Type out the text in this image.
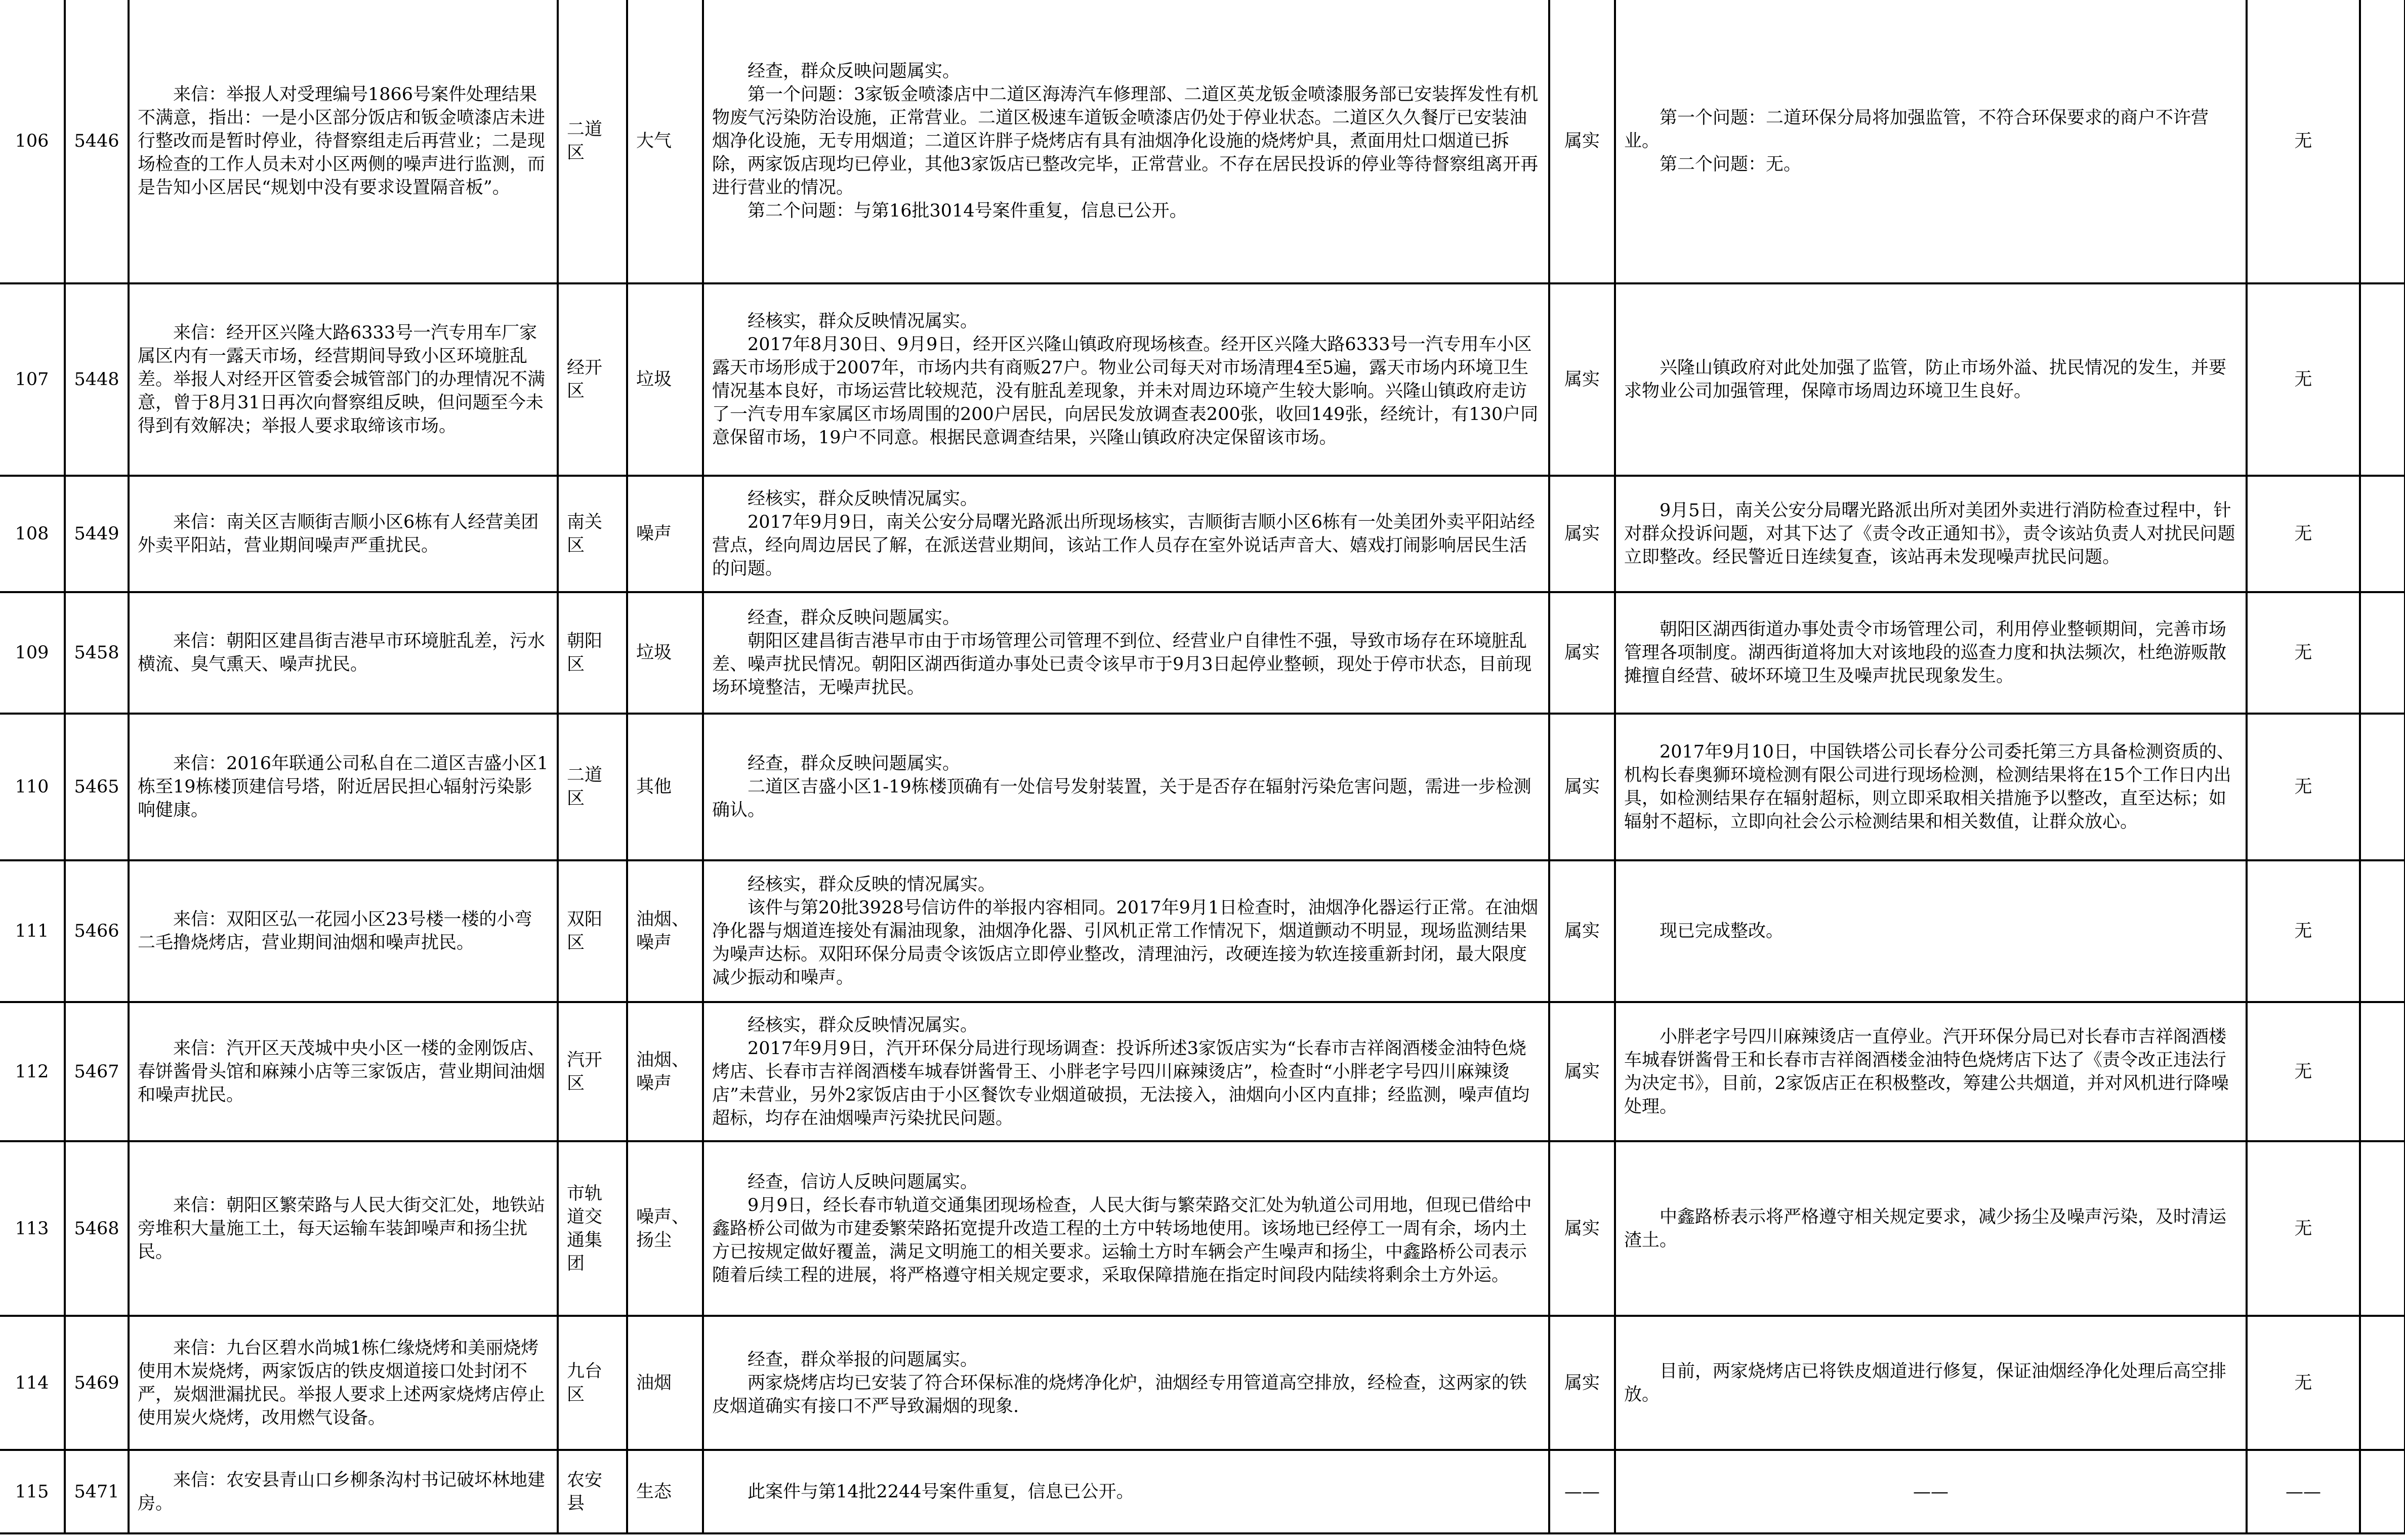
106	5446	来信：举报人对受理编号1866号案件处理结果不满意，指出：一是小区部分饭店和钣金喷漆店未进行整改而是暂时停业，待督察组走后再营业；二是现场检查的工作人员未对小区两侧的噪声进行监测，而是告知小区居民“规划中没有要求设置隔音板”。	二道区	大气	经查，群众反映问题属实。
第一个问题：3家钣金喷漆店中二道区海涛汽车修理部、二道区英龙钣金喷漆服务部已安装挥发性有机物废气污染防治设施，正常营业。二道区极速车道钣金喷漆店仍处于停业状态。二道区久久餐厅已安装油烟净化设施，无专用烟道；二道区许胖子烧烤店有具有油烟净化设施的烧烤炉具，煮面用灶口烟道已拆除，两家饭店现均已停业，其他3家饭店已整改完毕，正常营业。不存在居民投诉的停业等待督察组离开再进行营业的情况。
第二个问题：与第16批3014号案件重复，信息已公开。	属实	第一个问题：二道环保分局将加强监管，不符合环保要求的商户不许营业。
第二个问题：无。	无	
107	5448	来信：经开区兴隆大路6333号一汽专用车厂家属区内有一露天市场，经营期间导致小区环境脏乱差。举报人对经开区管委会城管部门的办理情况不满意，曾于8月31日再次向督察组反映，但问题至今未得到有效解决；举报人要求取缔该市场。	经开区	垃圾	经核实，群众反映情况属实。
2017年8月30日、9月9日，经开区兴隆山镇政府现场核查。经开区兴隆大路6333号一汽专用车小区露天市场形成于2007年，市场内共有商贩27户。物业公司每天对市场清理4至5遍，露天市场内环境卫生情况基本良好，市场运营比较规范，没有脏乱差现象，并未对周边环境产生较大影响。兴隆山镇政府走访了一汽专用车家属区市场周围的200户居民，向居民发放调查表200张，收回149张，经统计，有130户同意保留市场，19户不同意。根据民意调查结果，兴隆山镇政府决定保留该市场。	属实	兴隆山镇政府对此处加强了监管，防止市场外溢、扰民情况的发生，并要求物业公司加强管理，保障市场周边环境卫生良好。	无	
108	5449	来信：南关区吉顺街吉顺小区6栋有人经营美团外卖平阳站，营业期间噪声严重扰民。	南关区	噪声	经核实，群众反映情况属实。
2017年9月9日，南关公安分局曙光路派出所现场核实，吉顺街吉顺小区6栋有一处美团外卖平阳站经营点，经向周边居民了解，在派送营业期间，该站工作人员存在室外说话声音大、嬉戏打闹影响居民生活的问题。	属实	9月5日，南关公安分局曙光路派出所对美团外卖进行消防检查过程中，针对群众投诉问题，对其下达了《责令改正通知书》，责令该站负责人对扰民问题立即整改。经民警近日连续复查，该站再未发现噪声扰民问题。	无	
109	5458	来信：朝阳区建昌街吉港早市环境脏乱差，污水横流、臭气熏天、噪声扰民。	朝阳区	垃圾	经查，群众反映问题属实。
朝阳区建昌街吉港早市由于市场管理公司管理不到位、经营业户自律性不强，导致市场存在环境脏乱差、噪声扰民情况。朝阳区湖西街道办事处已责令该早市于9月3日起停业整顿，现处于停市状态，目前现场环境整洁，无噪声扰民。	属实	朝阳区湖西街道办事处责令市场管理公司，利用停业整顿期间，完善市场管理各项制度。湖西街道将加大对该地段的巡查力度和执法频次，杜绝游贩散摊擅自经营、破坏环境卫生及噪声扰民现象发生。	无	
110	5465	来信：2016年联通公司私自在二道区吉盛小区1栋至19栋楼顶建信号塔，附近居民担心辐射污染影响健康。	二道区	其他	经查，群众反映问题属实。
二道区吉盛小区1-19栋楼顶确有一处信号发射装置，关于是否存在辐射污染危害问题，需进一步检测确认。	属实	2017年9月10日，中国铁塔公司长春分公司委托第三方具备检测资质的、机构长春奥狮环境检测有限公司进行现场检测，检测结果将在15个工作日内出具，如检测结果存在辐射超标，则立即采取相关措施予以整改，直至达标；如辐射不超标，立即向社会公示检测结果和相关数值，让群众放心。	无	
111	5466	来信：双阳区弘一花园小区23号楼一楼的小弯二毛撸烧烤店，营业期间油烟和噪声扰民。	双阳区	油烟、噪声	经核实，群众反映的情况属实。
该件与第20批3928号信访件的举报内容相同。2017年9月1日检查时，油烟净化器运行正常。在油烟净化器与烟道连接处有漏油现象，油烟净化器、引风机正常工作情况下，烟道颤动不明显，现场监测结果为噪声达标。双阳环保分局责令该饭店立即停业整改，清理油污，改硬连接为软连接重新封闭，最大限度减少振动和噪声。	属实	现已完成整改。	无	
112	5467	来信：汽开区天茂城中央小区一楼的金刚饭店、春饼酱骨头馆和麻辣小店等三家饭店，营业期间油烟和噪声扰民。	汽开区	油烟、噪声	经核实，群众反映情况属实。
2017年9月9日，汽开环保分局进行现场调查：投诉所述3家饭店实为“长春市吉祥阁酒楼金油特色烧烤店、长春市吉祥阁酒楼车城春饼酱骨王、小胖老字号四川麻辣烫店”，检查时“小胖老字号四川麻辣烫店”未营业，另外2家饭店由于小区餐饮专业烟道破损，无法接入，油烟向小区内直排；经监测，噪声值均超标，均存在油烟噪声污染扰民问题。	属实	小胖老字号四川麻辣烫店一直停业。汽开环保分局已对长春市吉祥阁酒楼车城春饼酱骨王和长春市吉祥阁酒楼金油特色烧烤店下达了《责令改正违法行为决定书》，目前，2家饭店正在积极整改，筹建公共烟道，并对风机进行降噪处理。	无	
113	5468	来信：朝阳区繁荣路与人民大街交汇处，地铁站旁堆积大量施工土，每天运输车装卸噪声和扬尘扰民。	市轨道交通集团	噪声、扬尘	经查，信访人反映问题属实。
9月9日，经长春市轨道交通集团现场检查，人民大街与繁荣路交汇处为轨道公司用地，但现已借给中鑫路桥公司做为市建委繁荣路拓宽提升改造工程的土方中转场地使用。该场地已经停工一周有余，场内土方已按规定做好覆盖，满足文明施工的相关要求。运输土方时车辆会产生噪声和扬尘，中鑫路桥公司表示随着后续工程的进展，将严格遵守相关规定要求，采取保障措施在指定时间段内陆续将剩余土方外运。	属实	中鑫路桥表示将严格遵守相关规定要求，减少扬尘及噪声污染，及时清运渣土。	无	
114	5469	来信：九台区碧水尚城1栋仁缘烧烤和美丽烧烤使用木炭烧烤，两家饭店的铁皮烟道接口处封闭不严，炭烟泄漏扰民。举报人要求上述两家烧烤店停止使用炭火烧烤，改用燃气设备。	九台区	油烟	经查，群众举报的问题属实。
两家烧烤店均已安装了符合环保标准的烧烤净化炉，油烟经专用管道高空排放，经检查，这两家的铁皮烟道确实有接口不严导致漏烟的现象.	属实	目前，两家烧烤店已将铁皮烟道进行修复，保证油烟经净化处理后高空排放。	无	
115	5471	来信：农安县青山口乡柳条沟村书记破坏林地建房。	农安县	生态	此案件与第14批2244号案件重复，信息已公开。	——	——	——	
